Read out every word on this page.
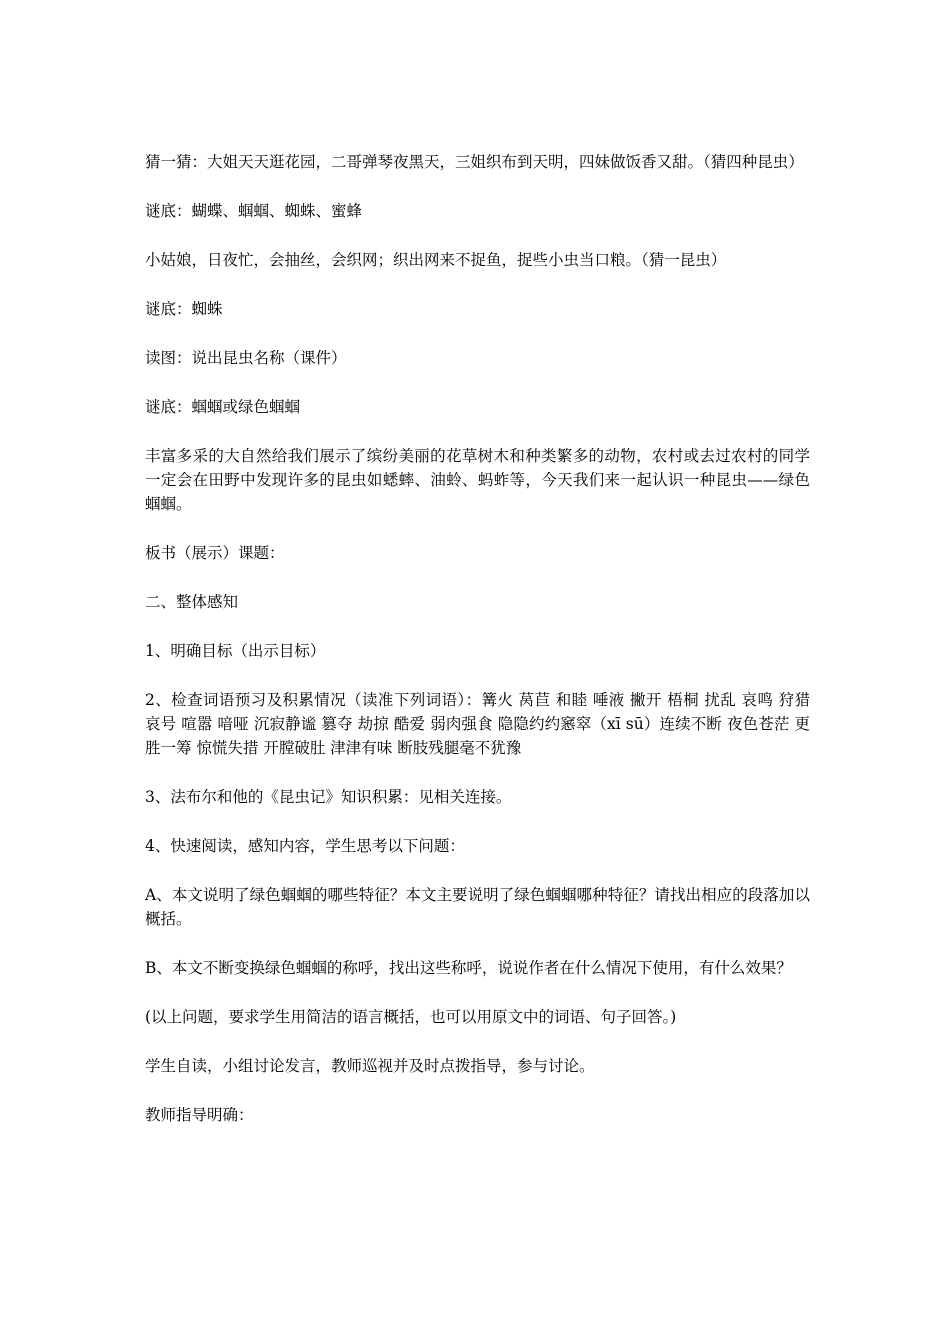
猜一猜：大姐天天逛花园，二哥弹琴夜黑天，三姐织布到天明，四妹做饭香又甜。（猜四种昆虫）

谜底：蝴蝶、蝈蝈、蜘蛛、蜜蜂

小姑娘，日夜忙，会抽丝，会织网；织出网来不捉鱼，捉些小虫当口粮。（猜一昆虫）

谜底：蜘蛛

读图：说出昆虫名称（课件）

谜底：蝈蝈或绿色蝈蝈

丰富多采的大自然给我们展示了缤纷美丽的花草树木和种类繁多的动物，农村或去过农村的同学一定会在田野中发现许多的昆虫如蟋蟀、油蛉、蚂蚱等，今天我们来一起认识一种昆虫——绿色蝈蝈。

板书（展示）课题：

二、整体感知

1、明确目标（出示目标）

2、检查词语预习及积累情况（读准下列词语）：篝火 莴苣 和睦 唾液 撇开 梧桐 扰乱 哀鸣 狩猎 哀号 喧嚣 喑哑 沉寂静谧 篡夺 劫掠 酷爱 弱肉强食 隐隐约约窸窣（xī sū）连续不断 夜色苍茫 更胜一筹 惊慌失措 开膛破肚 津津有味 断肢残腿毫不犹豫

3、法布尔和他的《昆虫记》知识积累：见相关连接。

4、快速阅读，感知内容，学生思考以下问题：

A、本文说明了绿色蝈蝈的哪些特征？本文主要说明了绿色蝈蝈哪种特征？请找出相应的段落加以概括。

B、本文不断变换绿色蝈蝈的称呼，找出这些称呼，说说作者在什么情况下使用，有什么效果？

(以上问题，要求学生用简洁的语言概括，也可以用原文中的词语、句子回答。)

学生自读，小组讨论发言，教师巡视并及时点拨指导，参与讨论。

教师指导明确：
